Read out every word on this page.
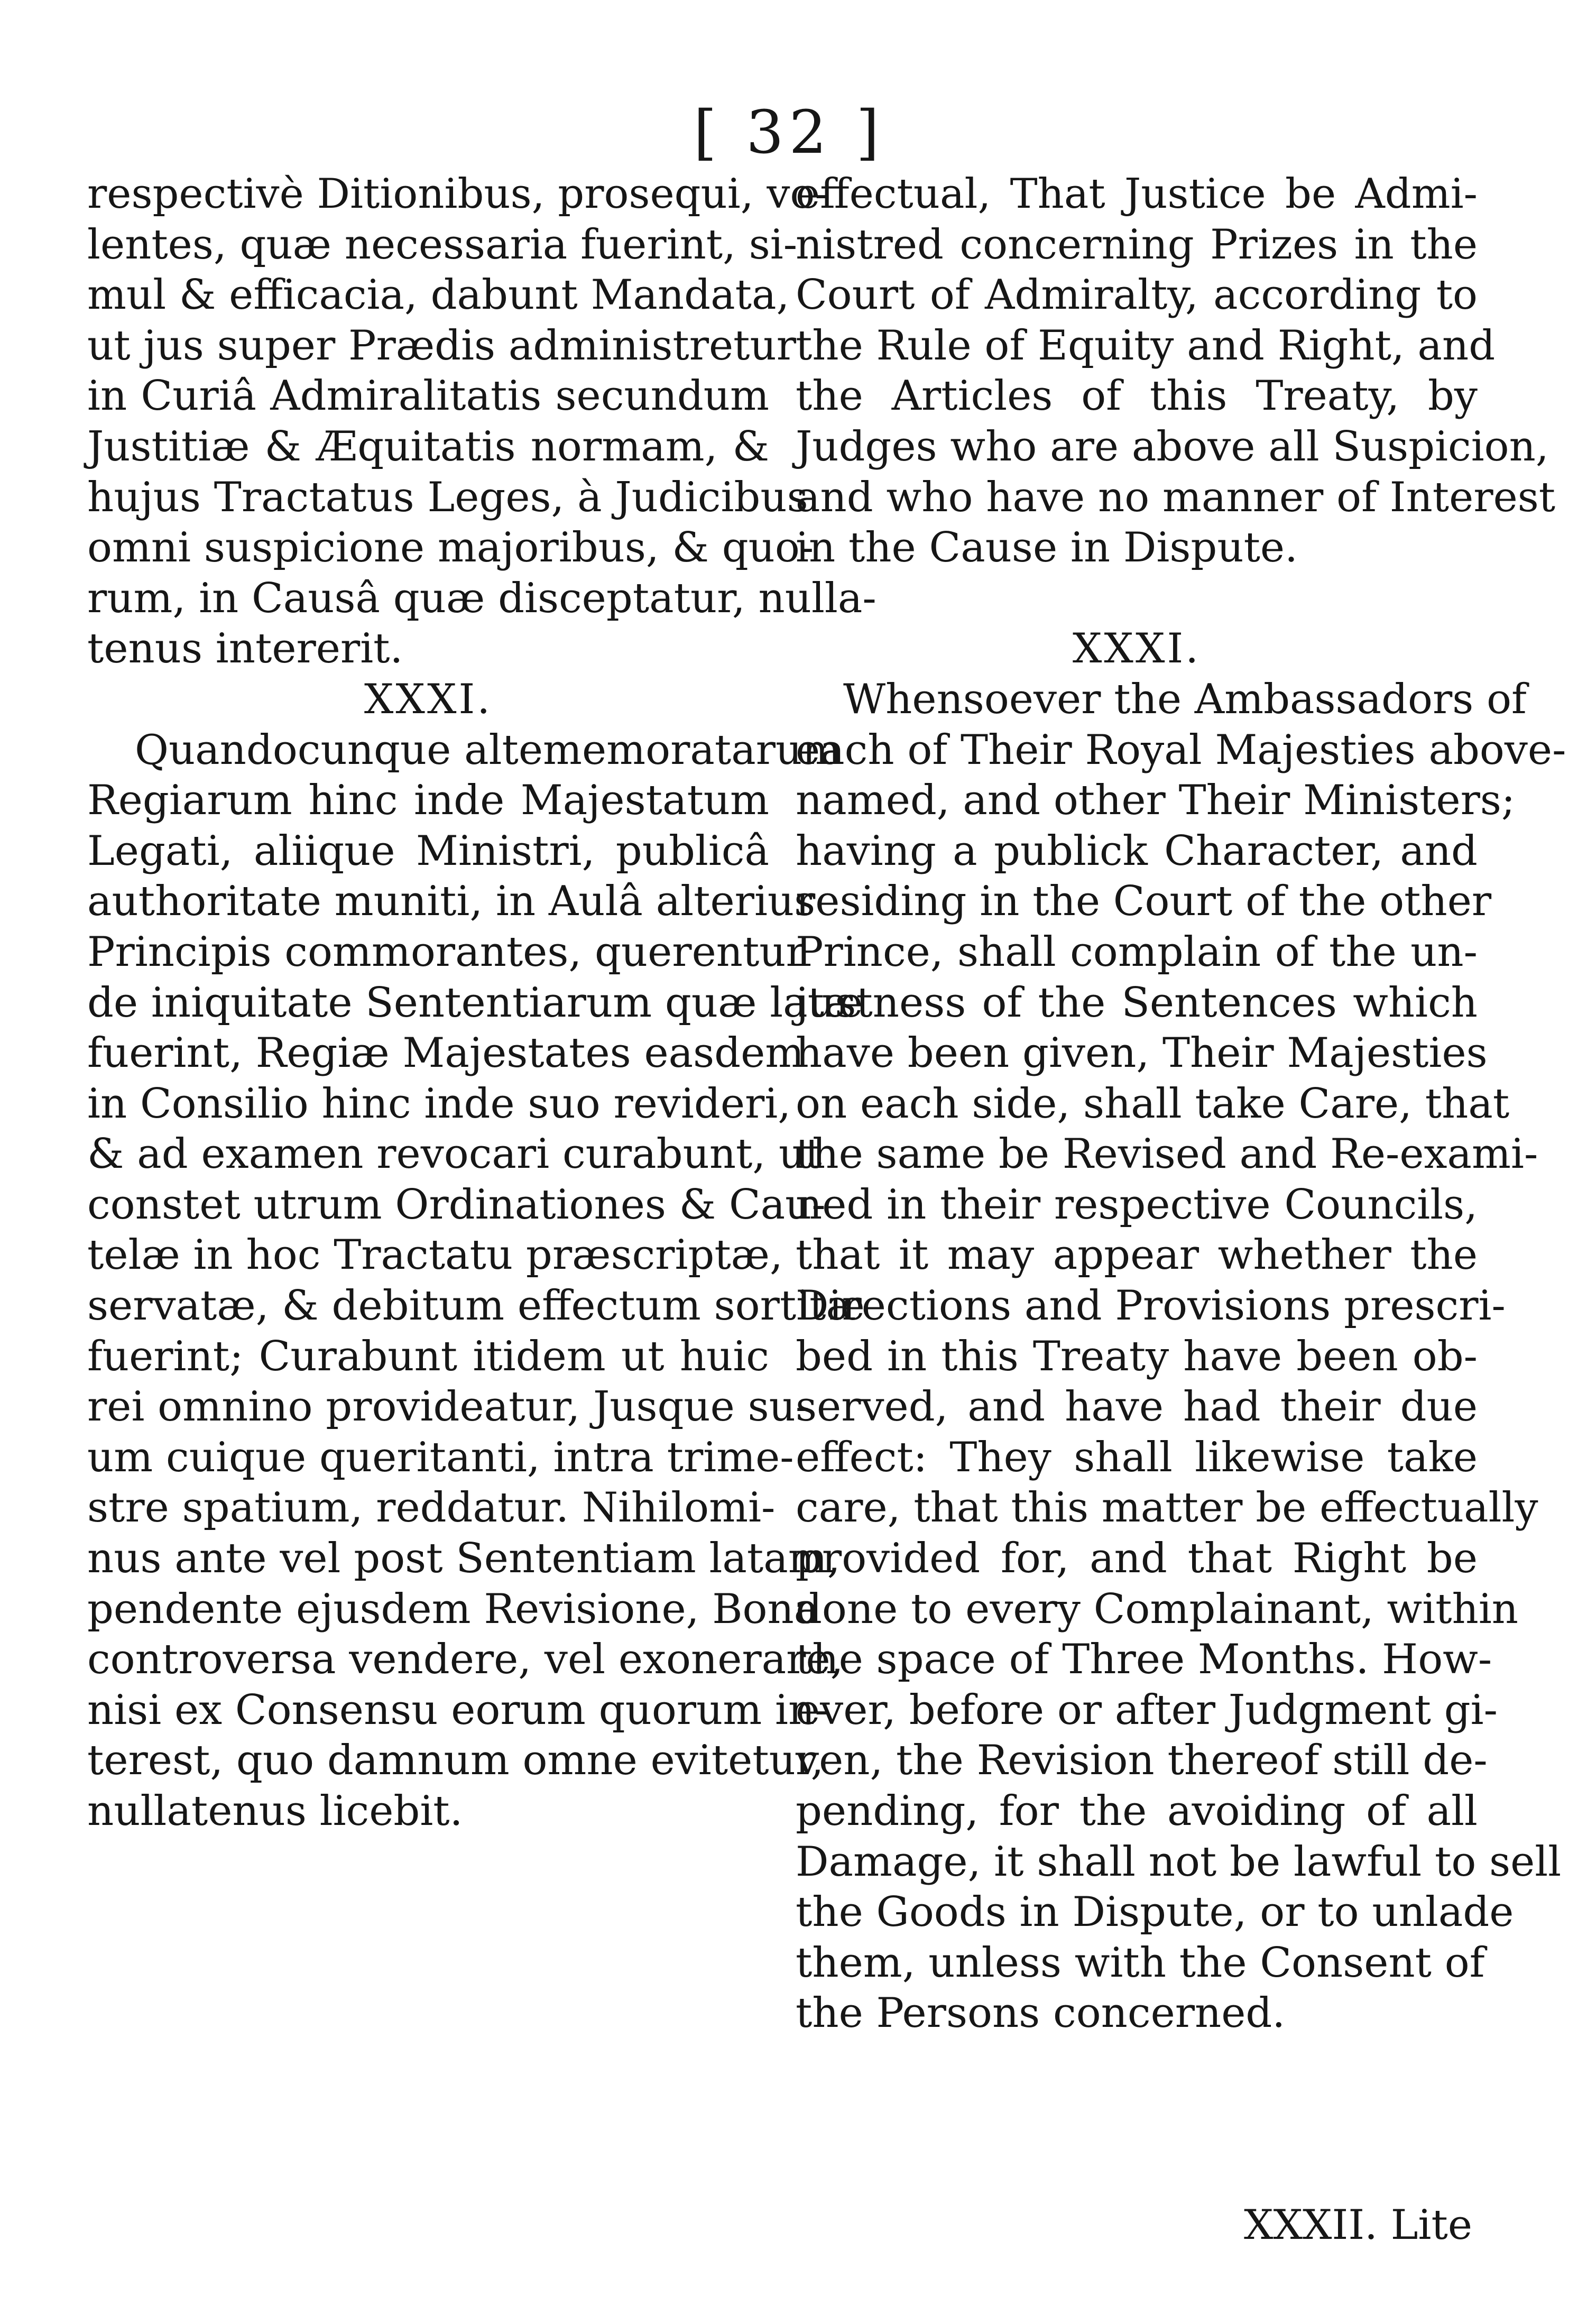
[ 32 ]
respectivè Ditionibus, prosequi, vo-
lentes, quæ necessaria fuerint, si-
mul & efficacia, dabunt Mandata,
ut jus super Prædis administretur
in Curiâ Admiralitatis secundum
Justitiæ & Æquitatis normam, &
hujus Tractatus Leges, à Judicibus
omni suspicione majoribus, & quo-
rum, in Causâ quæ disceptatur, nulla-
tenus intererit.
XXXI.
Quandocunque altememoratarum
Regiarum hinc inde Majestatum
Legati, aliique Ministri, publicâ
authoritate muniti, in Aulâ alterius
Principis commorantes, querentur
de iniquitate Sententiarum quæ latæ
fuerint, Regiæ Majestates easdem
in Consilio hinc inde suo revideri,
& ad examen revocari curabunt, ut
constet utrum Ordinationes & Cau-
telæ in hoc Tractatu præscriptæ,
servatæ, & debitum effectum sortitæ
fuerint; Curabunt itidem ut huic
rei omnino provideatur, Jusque su-
um cuique queritanti, intra trime-
stre spatium, reddatur. Nihilomi-
nus ante vel post Sententiam latam,
pendente ejusdem Revisione, Bona
controversa vendere, vel exonerare,
nisi ex Consensu eorum quorum in-
terest, quo damnum omne evitetur,
nullatenus licebit.
effectual, That Justice be Admi-
nistred concerning Prizes in the
Court of Admiralty, according to
the Rule of Equity and Right, and
the Articles of this Treaty, by
Judges who are above all Suspicion,
and who have no manner of Interest
in the Cause in Dispute.
XXXI.
Whensoever the Ambassadors of
each of Their Royal Majesties above-
named, and other Their Ministers;
having a publick Character, and
residing in the Court of the other
Prince, shall complain of the un-
justness of the Sentences which
have been given, Their Majesties
on each side, shall take Care, that
the same be Revised and Re-exami-
ned in their respective Councils,
that it may appear whether the
Directions and Provisions prescri-
bed in this Treaty have been ob-
served, and have had their due
effect: They shall likewise take
care, that this matter be effectually
provided for, and that Right be
done to every Complainant, within
the space of Three Months. How-
ever, before or after Judgment gi-
ven, the Revision thereof still de-
pending, for the avoiding of all
Damage, it shall not be lawful to sell
the Goods in Dispute, or to unlade
them, unless with the Consent of
the Persons concerned.
XXXII. Lite
